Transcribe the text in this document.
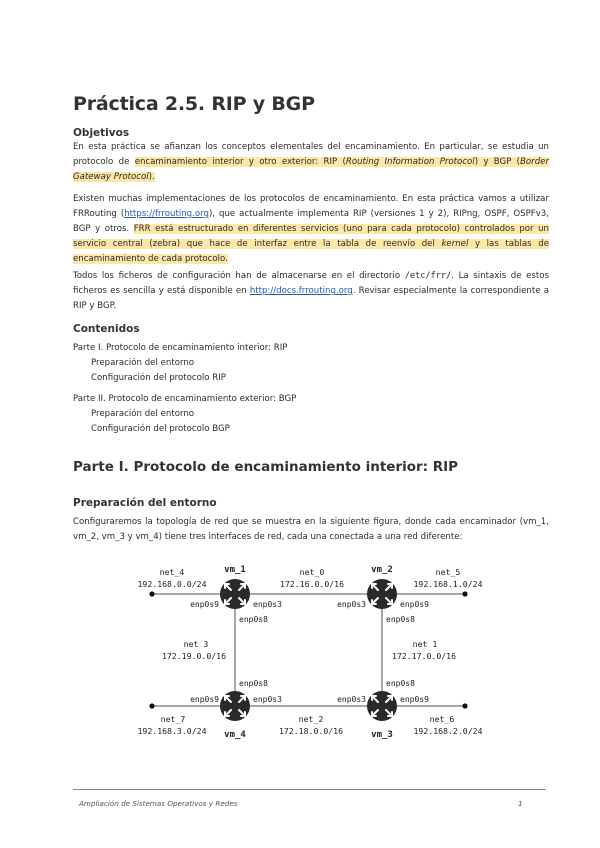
Práctica 2.5. RIP y BGP
Objetivos

En esta práctica se afianzan los conceptos elementales del encaminamiento. En particular, se estudia un protocolo de encaminamiento interior y otro exterior: RIP (Routing Information Protocol) y BGP (Border Gateway Protocol).

Existen muchas implementaciones de los protocolos de encaminamiento. En esta práctica vamos a utilizar FRRouting (https://frrouting.org), que actualmente implementa RIP (versiones 1 y 2), RIPng, OSPF, OSPFv3, BGP y otros. FRR está estructurado en diferentes servicios (uno para cada protocolo) controlados por un servicio central (zebra) que hace de interfaz entre la tabla de reenvío del kernel y las tablas de encaminamiento de cada protocolo.

Todos los ficheros de configuración han de almacenarse en el directorio /etc/frr/. La sintaxis de estos ficheros es sencilla y está disponible en http://docs.frrouting.org. Revisar especialmente la correspondiente a RIP y BGP.

Contenidos
Parte I. Protocolo de encaminamiento interior: RIP
Preparación del entorno
Configuración del protocolo RIP
Parte II. Protocolo de encaminamiento exterior: BGP
Preparación del entorno
Configuración del protocolo BGP
Parte I. Protocolo de encaminamiento interior: RIP
Preparación del entorno

Configuraremos la topología de red que se muestra en la siguiente figura, donde cada encaminador (vm_1, vm_2, vm_3 y vm_4) tiene tres interfaces de red, cada una conectada a una red diferente:

vm_1	vm_2
vm_4	vm_3
net_4
192.168.0.0/24
net_0
172.16.0.0/16
net_5
192.168.1.0/24
net 3
172.19.0.0/16
net 1
172.17.0.0/16
net_7
192.168.3.0/24
net_2
172.18.0.0/16
net_6
192.168.2.0/24
enp0s9	enp0s3
enp0s8
enp0s3	enp0s9
enp0s8
enp0s8
enp0s9	enp0s3
enp0s8
enp0s3	enp0s9
Ampliación de Sistemas Operativos y Redes	1
